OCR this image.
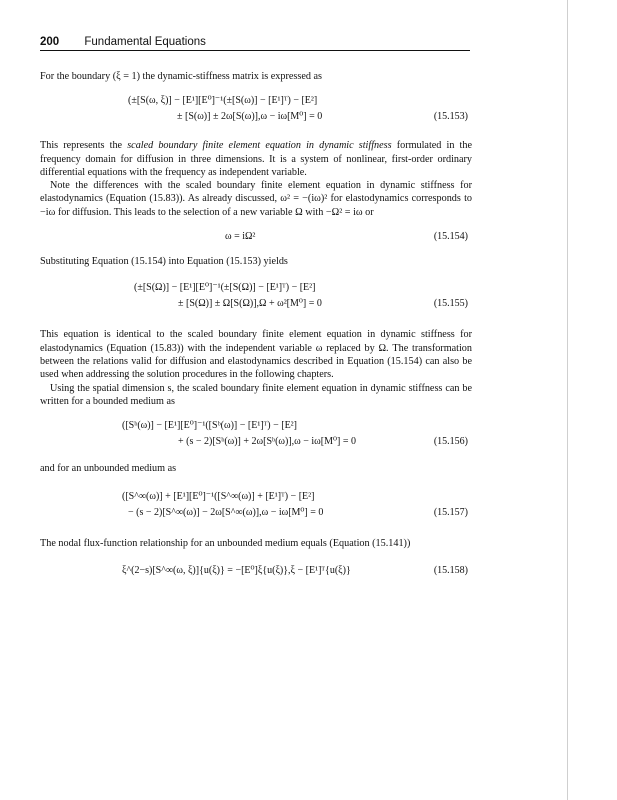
200 Fundamental Equations

For the boundary (ξ = 1) the dynamic-stiffness matrix is expressed as

(±[S(ω, ξ)] − [E¹][E⁰]⁻¹(±[S(ω)] − [E¹]ᵀ) − [E²]
± [S(ω)] ± 2ω[S(ω)],ω − iω[M⁰] = 0	(15.153)

This represents the scaled boundary finite element equation in dynamic stiffness formulated in the frequency domain for diffusion in three dimensions. It is a system of nonlinear, first-order ordinary differential equations with the frequency as independent variable.

Note the differences with the scaled boundary finite element equation in dynamic stiffness for elastodynamics (Equation (15.83)). As already discussed, ω² = −(iω)² for elastodynamics corresponds to −iω for diffusion. This leads to the selection of a new variable Ω with −Ω² = iω or

ω = iΩ²	(15.154)

Substituting Equation (15.154) into Equation (15.153) yields

(±[S(Ω)] − [E¹][E⁰]⁻¹(±[S(Ω)] − [E¹]ᵀ) − [E²]
± [S(Ω)] ± Ω[S(Ω)],Ω + ω²[M⁰] = 0	(15.155)

This equation is identical to the scaled boundary finite element equation in dynamic stiffness for elastodynamics (Equation (15.83)) with the independent variable ω replaced by Ω. The transformation between the relations valid for diffusion and elastodynamics described in Equation (15.154) can also be used when addressing the solution procedures in the following chapters.

Using the spatial dimension s, the scaled boundary finite element equation in dynamic stiffness can be written for a bounded medium as

([Sᵇ(ω)] − [E¹][E⁰]⁻¹([Sᵇ(ω)] − [E¹]ᵀ) − [E²]
+ (s − 2)[Sᵇ(ω)] + 2ω[Sᵇ(ω)],ω − iω[M⁰] = 0	(15.156)

and for an unbounded medium as

([S^∞(ω)] + [E¹][E⁰]⁻¹([S^∞(ω)] + [E¹]ᵀ) − [E²]
− (s − 2)[S^∞(ω)] − 2ω[S^∞(ω)],ω − iω[M⁰] = 0	(15.157)

The nodal flux-function relationship for an unbounded medium equals (Equation (15.141))

ξ^(2−s)[S^∞(ω, ξ)]{u(ξ)} = −[E⁰]ξ{u(ξ)},ξ − [E¹]ᵀ{u(ξ)}	(15.158)
